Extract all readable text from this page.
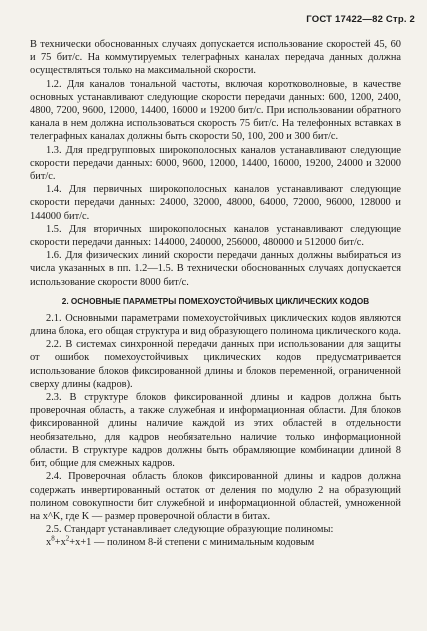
ГОСТ 17422—82 Стр. 2

В технически обоснованных случаях допускается использование скоростей 45, 60 и 75 бит/с. На коммутируемых телеграфных каналах передача данных должна осуществляться только на максимальной скорости.

1.2. Для каналов тональной частоты, включая коротковолновые, в качестве основных устанавливают следующие скорости передачи данных: 600, 1200, 2400, 4800, 7200, 9600, 12000, 14400, 16000 и 19200 бит/с. При использовании обратного канала в нем должна использоваться скорость 75 бит/с. На телефонных вставках в телеграфных каналах должны быть скорости 50, 100, 200 и 300 бит/с.

1.3. Для предгрупповых широкополосных каналов устанавливают следующие скорости передачи данных: 6000, 9600, 12000, 14400, 16000, 19200, 24000 и 32000 бит/с.

1.4. Для первичных широкополосных каналов устанавливают следующие скорости передачи данных: 24000, 32000, 48000, 64000, 72000, 96000, 128000 и 144000 бит/с.

1.5. Для вторичных широкополосных каналов устанавливают следующие скорости передачи данных: 144000, 240000, 256000, 480000 и 512000 бит/с.

1.6. Для физических линий скорости передачи данных должны выбираться из числа указанных в пп. 1.2—1.5. В технически обоснованных случаях допускается использование скорости 8000 бит/с.

2. ОСНОВНЫЕ ПАРАМЕТРЫ ПОМЕХОУСТОЙЧИВЫХ ЦИКЛИЧЕСКИХ КОДОВ

2.1. Основными параметрами помехоустойчивых циклических кодов являются длина блока, его общая структура и вид образующего полинома циклического кода.

2.2. В системах синхронной передачи данных при использовании для защиты от ошибок помехоустойчивых циклических кодов предусматривается использование блоков фиксированной длины и блоков переменной, ограниченной сверху длины (кадров).

2.3. В структуре блоков фиксированной длины и кадров должна быть проверочная область, а также служебная и информационная области. Для блоков фиксированной длины наличие каждой из этих областей в отдельности необязательно, для кадров необязательно наличие только информационной области. В структуре кадров должны быть обрамляющие комбинации длиной 8 бит, общие для смежных кадров.

2.4. Проверочная область блоков фиксированной длины и кадров должна содержать инвертированный остаток от деления по модулю 2 на образующий полином совокупности бит служебной и информационной областей, умноженной на x^K, где K — размер проверочной области в битах.

2.5. Стандарт устанавливает следующие образующие полиномы:

$x^8+x^2+x+1$ — полином 8-й степени с минимальным кодовым
